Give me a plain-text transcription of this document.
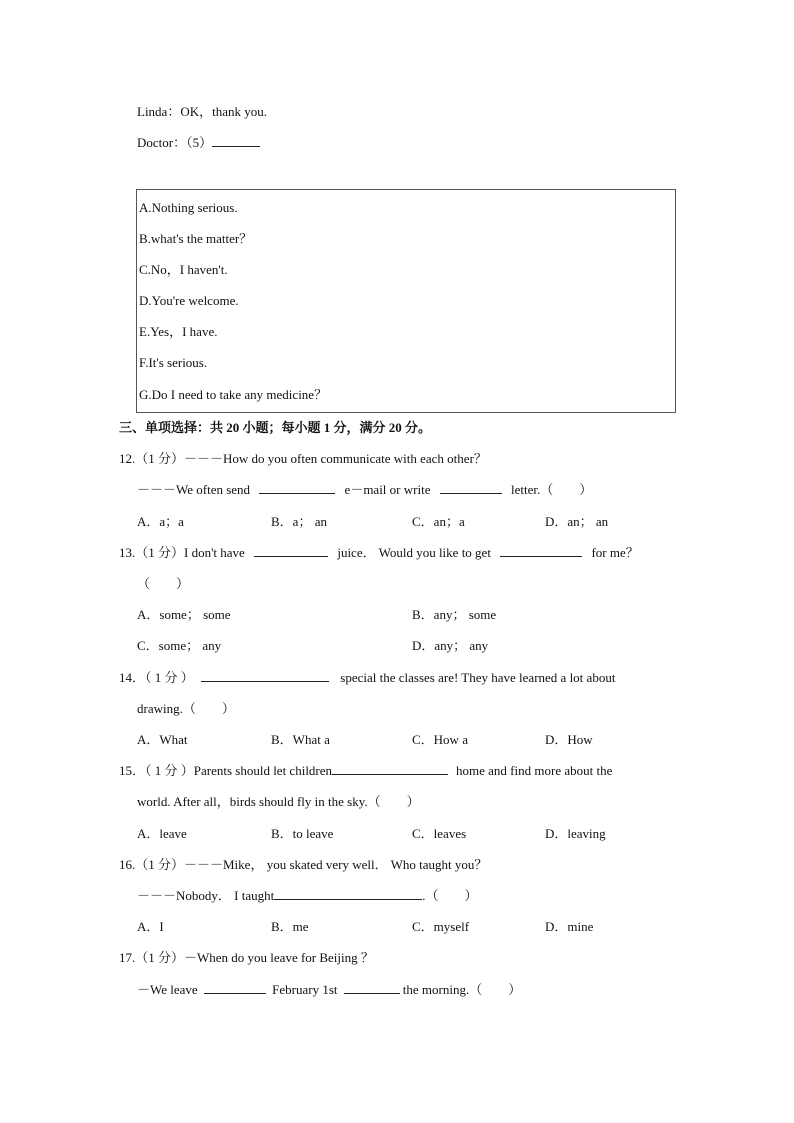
Linda：OK，thank you.
Doctor：（5）
A.Nothing serious.
B.what's the matter？
C.No，I haven't.
D.You're welcome.
E.Yes，I have.
F.It's serious.
G.Do I need to take any medicine？
三、单项选择：共 20 小题；每小题 1 分，满分 20 分。
12.（1 分）－－－How do you often communicate with each other？
－－－We often send	e－mail or write	letter.（　　）
A．a；a	B．a； an	C．an；a	D．an； an
13.（1 分）I don't have	juice． Would you like to get	for me？
（　　）
A．some； some	B．any； some
C．some； any	D．any； any
14．（ 1 分 ）	special the classes are! They have learned a lot about
drawing.（　　）
A．What	B．What a	C．How a	D．How
15．（ 1 分 ）Parents should let children	home and find more about the
world. After all，birds should fly in the sky.（　　）
A．leave	B．to leave	C．leaves	D．leaving
16.（1 分）－－－Mike， you skated very well． Who taught you？
－－－Nobody． I taught	.（　　）
A．I	B．me	C．myself	D．mine
17.（1 分）－When do you leave for Beijing ？
－We leave	February 1st	the morning.（　　）
